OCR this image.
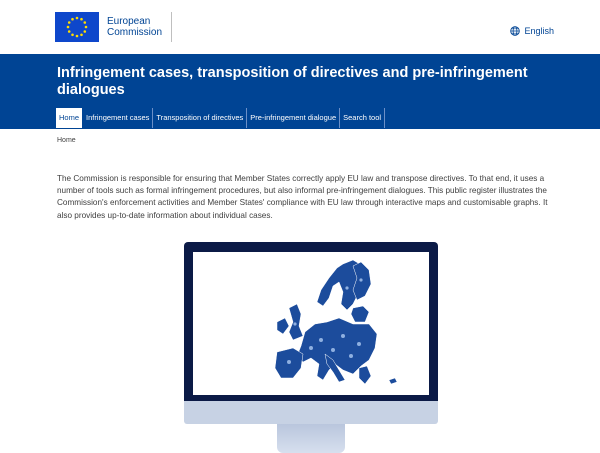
European
Commission	English
Infringement cases, transposition of directives and pre-infringement dialogues
Home Infringement cases Transposition of directives Pre-infringement dialogue Search tool
Home

The Commission is responsible for ensuring that Member States correctly apply EU law and transpose directives. To that end, it uses a number of tools such as formal infringement procedures, but also informal pre-infringement dialogues. This public register illustrates the Commission's enforcement activities and Member States' compliance with EU law through interactive maps and customisable graphs. It also provides up-to-date information about individual cases.
